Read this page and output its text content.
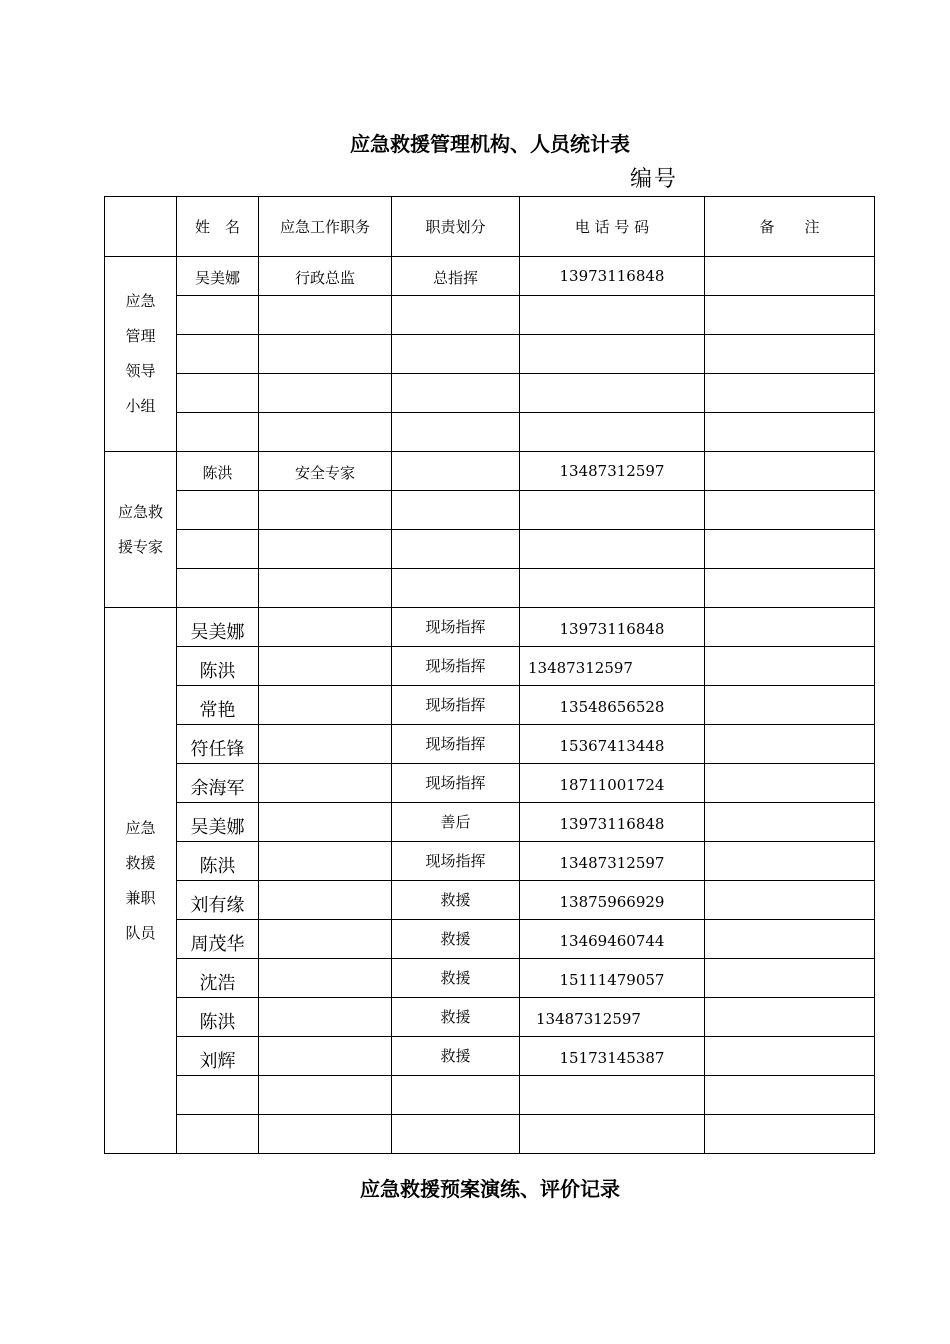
应急救援管理机构、人员统计表
编号
	姓　名	应急工作职务	职责划分	电 话 号 码	备　　注

应急
管理
领导
小组	吴美娜	行政总监	总指挥	13973116848	

应急救
援专家	陈洪	安全专家		13487312597	

应急
救援
兼职
队员	吴美娜		现场指挥	13973116848	

	陈洪		现场指挥	13487312597	

	常艳		现场指挥	13548656528	

	符任锋		现场指挥	15367413448	

	余海军		现场指挥	18711001724	

	吴美娜		善后	13973116848	

	陈洪		现场指挥	13487312597	

	刘有缘		救援	13875966929	

	周茂华		救援	13469460744	

	沈浩		救援	15111479057	

	陈洪		救援	13487312597	

	刘辉		救援	15173145387	

应急救援预案演练、评价记录
